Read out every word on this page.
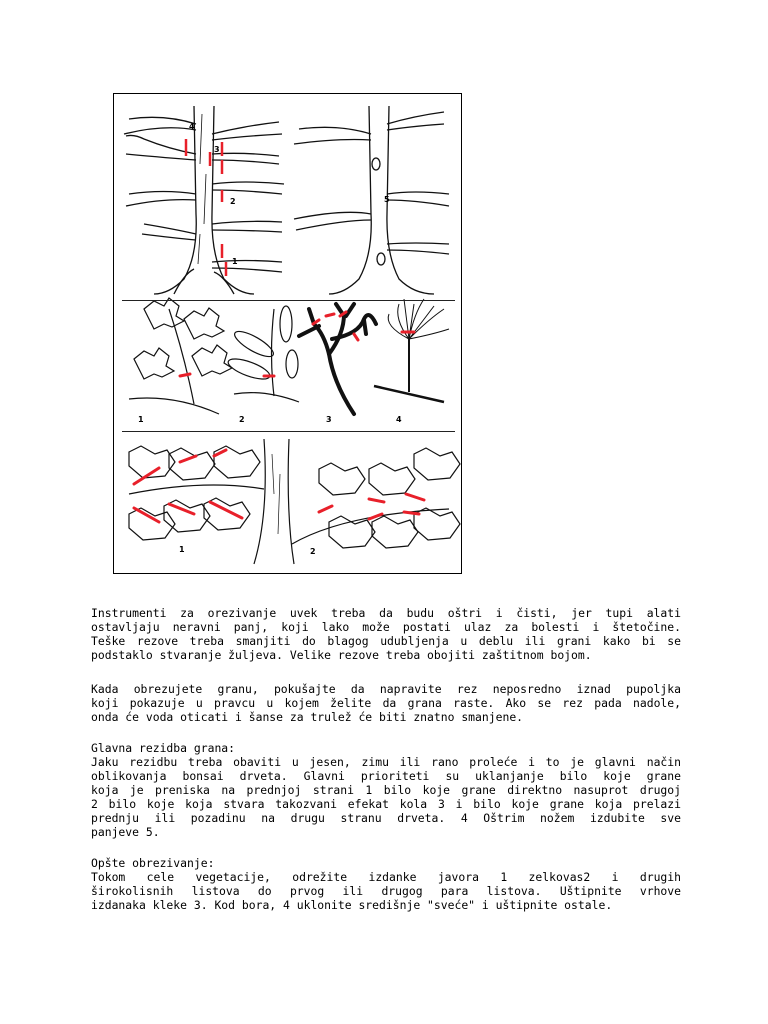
4
3
2
1
5
1	2	3	4
1	2
Instrumenti za orezivanje uvek treba da budu oštri i čisti, jer tupi alati
ostavljaju neravni panj, koji lako može postati ulaz za bolesti i štetočine.
Teške rezove treba smanjiti do blagog udubljenja u deblu ili grani kako bi se
podstaklo stvaranje žuljeva. Velike rezove treba obojiti zaštitnom bojom.
Kada obrezujete granu, pokušajte da napravite rez neposredno iznad pupoljka
koji pokazuje u pravcu u kojem želite da grana raste. Ako se rez pada nadole,
onda će voda oticati i šanse za trulež će biti znatno smanjene.
Glavna rezidba grana:
Jaku rezidbu treba obaviti u jesen, zimu ili rano proleće i to je glavni način
oblikovanja bonsai drveta. Glavni prioriteti su uklanjanje bilo koje grane
koja je preniska na prednjoj strani 1 bilo koje grane direktno nasuprot drugoj
2 bilo koje koja stvara takozvani efekat kola 3 i bilo koje grane koja prelazi
prednju ili pozadinu na drugu stranu drveta. 4 Oštrim nožem izdubite sve
panjeve 5.
Opšte obrezivanje:
Tokom cele vegetacije, odrežite izdanke javora 1 zelkovas2 i drugih
širokolisnih listova do prvog ili drugog para listova. Uštipnite vrhove
izdanaka kleke 3. Kod bora, 4 uklonite središnje "sveće" i uštipnite ostale.
